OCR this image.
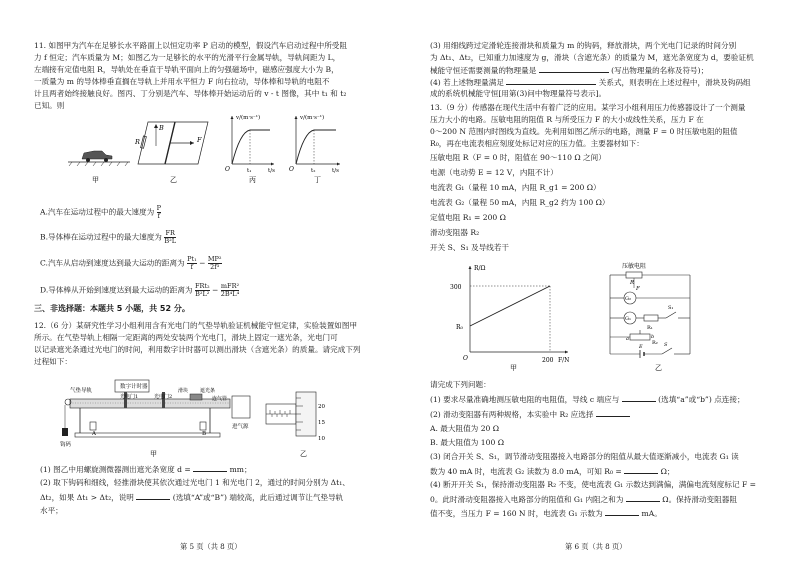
11. 如图甲为汽车在足够长水平路面上以恒定功率 P 启动的模型，假设汽车启动过程中所受阻
力 f 恒定；汽车质量为 M；如图乙为一足够长的水平的光滑平行金属导轨，导轨间距为 L，
左端接有定值电阻 R，导轨处在垂直于导轨平面向上的匀强磁场中，磁感应强度大小为 B，
一质量为 m 的导体棒垂直搁在导轨上并用水平恒力 F 向右拉动，导体棒和导轨的电阻不
计且两者始终接触良好。图丙、丁分别是汽车、导体棒开始运动后的 v - t 图像，其中 t₁ 和 t₂
已知。则
甲
R
B
F
乙
v/(m·s⁻¹)
t/s
O	t₁
丙
v/(m·s⁻¹)
t/s
O	t₂
丁
A.汽车在运动过程中的最大速度为 $\frac{P}{f}$
B.导体棒在运动过程中的最大速度为 $\frac{FR}{\text{B²L}}$
C.汽车从启动到速度达到最大运动的距离为 $\frac{\text{Pt₁}}{f} - \frac{\text{MP²}}{\text{2f³}}$
D.导体棒从开始到速度达到最大运动的距离为 FRt₂
B²L² − mFR²
2B⁴L⁴
三、非选择题：本题共 5 小题，共 52 分。
12.（6 分）某研究性学习小组利用含有光电门的气垫导轨验证机械能守恒定律，实验装置如图甲
所示。在气垫导轨上相隔一定距离的两处安装两个光电门，滑块上固定一遮光条，光电门可
以记录遮光条通过光电门的时间，利用数字计时器可以测出滑块（含遮光条）的质量。请完成下列
过程如下：
数字计时器
A	B
进气源
气垫导轨
光电门1	光电门2
滑块 遮光条
钩码
连气管
甲
20
15
10
乙
(1) 图乙中用螺旋测微器测出遮光条宽度 d =	mm；
(2) 取下钩码和细线，轻推滑块使其依次通过光电门 1 和光电门 2，通过的时间分别为 Δt₁、
Δt₂，如果 Δt₁ > Δt₂，说明	(选填“A”或“B”) 端较高，此后通过调节让气垫导轨
水平；
第 5 页（共 8 页）
(3) 用细线跨过定滑轮连接滑块和质量为 m 的钩码，释放滑块，两个光电门记录的时间分别
为 Δt₁、Δt₂，已知重力加速度为 g，滑块（含遮光条）的质量为 M，遮光条宽度为 d，要验证机
械能守恒还需要测量的物理量是	(写出物理量的名称及符号)；
(4) 若上述物理量满足	关系式，则表明在上述过程中，滑块及钩码组
成的系统机械能守恒[用第(3)问中物理量符号表示]。
13.（9 分）传感器在现代生活中有着广泛的应用。某学习小组利用压力传感器设计了一个测量
压力大小的电路。压敏电阻的阻值 R 与所受压力 F 的大小成线性关系，压力 F 在
0～200 N 范围内时图线为直线。先利用如图乙所示的电路，测量 F = 0 时压敏电阻的阻值
R₀，再在电流表相应刻度处标记对应的压力值。主要器材如下：
压敏电阻 R（F = 0 时，阻值在 90～110 Ω 之间）
电源（电动势 E = 12 V，内阻不计）
电流表 G₁（量程 10 mA，内阻 R_g1 = 200 Ω）
电流表 G₂（量程 50 mA，内阻 R_g2 约为 100 Ω）
定值电阻 R₁ = 200 Ω
滑动变阻器 R₂
开关 S、S₁ 及导线若干
R/Ω
F/N
300
200
R₀
O
甲
压敏电阻
R
F
G₂
G₁
R₁
S₁
R₂
a	b
E	S
乙
请完成下列问题：
(1) 要求尽量准确地测压敏电阻的电阻值，导线 c 端应与	(选填“a”或“b”) 点连接；
(2) 滑动变阻器有两种规格，本实验中 R₂ 应选择
A. 最大阻值为 20 Ω
B. 最大阻值为 100 Ω
(3) 闭合开关 S、S₁，调节滑动变阻器接入电路部分的阻值从最大值逐渐减小，电流表 G₁ 读
数为 40 mA 时，电流表 G₂ 读数为 8.0 mA，可知 R₀ =	Ω；
(4) 断开开关 S₁，保持滑动变阻器 R₂ 不变，使电流表 G₁ 示数达到满偏，满偏电流刻度标记 F =
0。此时滑动变阻器接入电路部分的阻值和 G₁ 内阻之和为	Ω。保持滑动变阻器阻
值不变，当压力 F = 160 N 时，电流表 G₁ 示数为	mA。
第 6 页（共 8 页）
